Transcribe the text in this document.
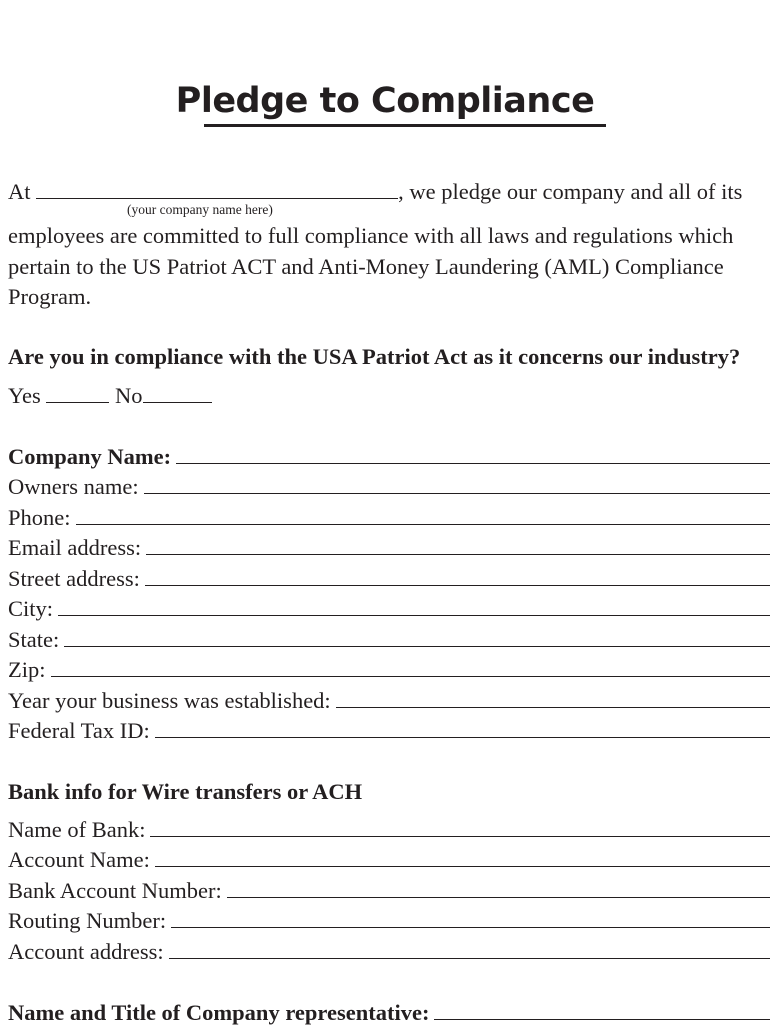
Pledge to Compliance
At	, we pledge our company and all of its
(your company name here)
employees are committed to full compliance with all laws and regulations which pertain to the US Patriot ACT and Anti-Money Laundering (AML) Compliance Program.
Are you in compliance with the USA Patriot Act as it concerns our industry?
Yes	No
Company Name:
Owners name:
Phone:
Email address:
Street address:
City:
State:
Zip:
Year your business was established:
Federal Tax ID:
Bank info for Wire transfers or ACH
Name of Bank:
Account Name:
Bank Account Number:
Routing Number:
Account address:
Name and Title of Company representative:
